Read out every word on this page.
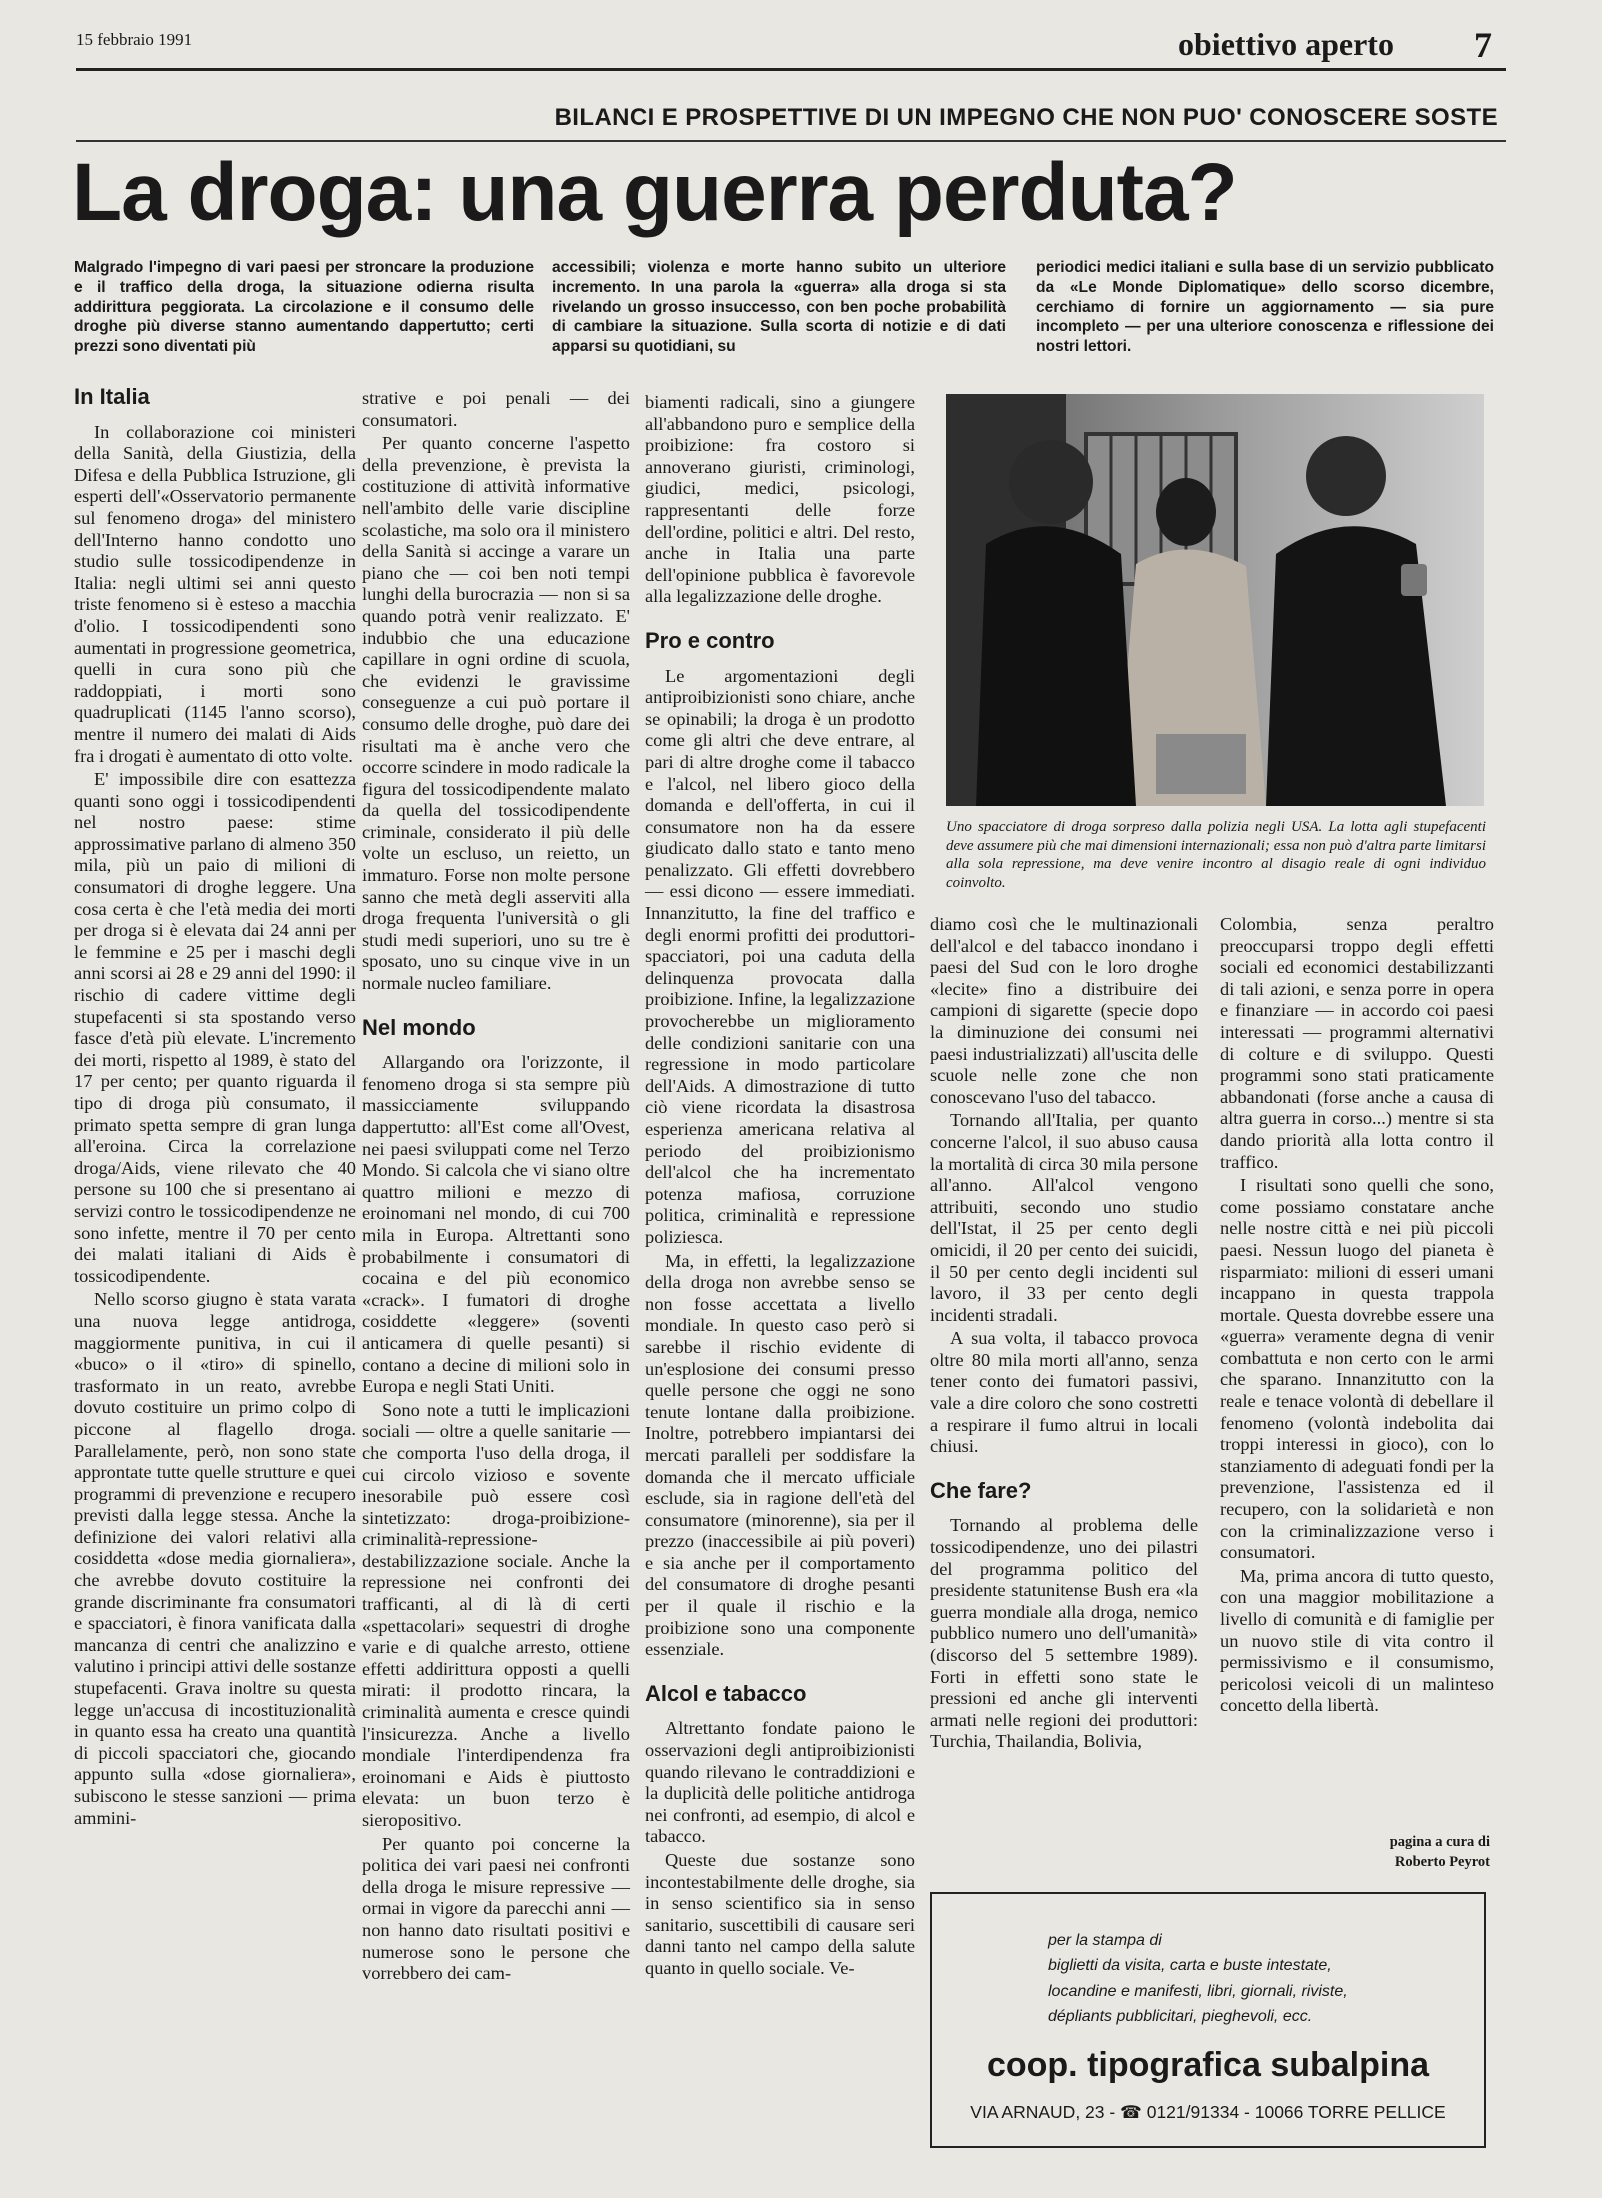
15 febbraio 1991	obiettivo aperto 7
BILANCI E PROSPETTIVE DI UN IMPEGNO CHE NON PUO' CONOSCERE SOSTE
La droga: una guerra perduta?
Malgrado l'impegno di vari paesi per stroncare la produzione e il traffico della droga, la situazione odierna risulta addirittura peggiorata. La circolazione e il consumo delle droghe più diverse stanno aumentando dappertutto; certi prezzi sono diventati più
accessibili; violenza e morte hanno subito un ulteriore incremento. In una parola la «guerra» alla droga si sta rivelando un grosso insuccesso, con ben poche probabilità di cambiare la situazione. Sulla scorta di notizie e di dati apparsi su quotidiani, su
periodici medici italiani e sulla base di un servizio pubblicato da «Le Monde Diplomatique» dello scorso dicembre, cerchiamo di fornire un aggiornamento — sia pure incompleto — per una ulteriore conoscenza e riflessione dei nostri lettori.
In Italia

In collaborazione coi ministeri della Sanità, della Giustizia, della Difesa e della Pubblica Istruzione, gli esperti dell'«Osservatorio permanente sul fenomeno droga» del ministero dell'Interno hanno condotto uno studio sulle tossicodipendenze in Italia: negli ultimi sei anni questo triste fenomeno si è esteso a macchia d'olio. I tossicodipendenti sono aumentati in progressione geometrica, quelli in cura sono più che raddoppiati, i morti sono quadruplicati (1145 l'anno scorso), mentre il numero dei malati di Aids fra i drogati è aumentato di otto volte.

E' impossibile dire con esattezza quanti sono oggi i tossicodipendenti nel nostro paese: stime approssimative parlano di almeno 350 mila, più un paio di milioni di consumatori di droghe leggere. Una cosa certa è che l'età media dei morti per droga si è elevata dai 24 anni per le femmine e 25 per i maschi degli anni scorsi ai 28 e 29 anni del 1990: il rischio di cadere vittime degli stupefacenti si sta spostando verso fasce d'età più elevate. L'incremento dei morti, rispetto al 1989, è stato del 17 per cento; per quanto riguarda il tipo di droga più consumato, il primato spetta sempre di gran lunga all'eroina. Circa la correlazione droga/Aids, viene rilevato che 40 persone su 100 che si presentano ai servizi contro le tossicodipendenze ne sono infette, mentre il 70 per cento dei malati italiani di Aids è tossicodipendente.

Nello scorso giugno è stata varata una nuova legge antidroga, maggiormente punitiva, in cui il «buco» o il «tiro» di spinello, trasformato in un reato, avrebbe dovuto costituire un primo colpo di piccone al flagello droga. Parallelamente, però, non sono state approntate tutte quelle strutture e quei programmi di prevenzione e recupero previsti dalla legge stessa. Anche la definizione dei valori relativi alla cosiddetta «dose media giornaliera», che avrebbe dovuto costituire la grande discriminante fra consumatori e spacciatori, è finora vanificata dalla mancanza di centri che analizzino e valutino i principi attivi delle sostanze stupefacenti. Grava inoltre su questa legge un'accusa di incostituzionalità in quanto essa ha creato una quantità di piccoli spacciatori che, giocando appunto sulla «dose giornaliera», subiscono le stesse sanzioni — prima ammini-

strative e poi penali — dei consumatori.

Per quanto concerne l'aspetto della prevenzione, è prevista la costituzione di attività informative nell'ambito delle varie discipline scolastiche, ma solo ora il ministero della Sanità si accinge a varare un piano che — coi ben noti tempi lunghi della burocrazia — non si sa quando potrà venir realizzato. E' indubbio che una educazione capillare in ogni ordine di scuola, che evidenzi le gravissime conseguenze a cui può portare il consumo delle droghe, può dare dei risultati ma è anche vero che occorre scindere in modo radicale la figura del tossicodipendente malato da quella del tossicodipendente criminale, considerato il più delle volte un escluso, un reietto, un immaturo. Forse non molte persone sanno che metà degli asserviti alla droga frequenta l'università o gli studi medi superiori, uno su tre è sposato, uno su cinque vive in un normale nucleo familiare.

Nel mondo

Allargando ora l'orizzonte, il fenomeno droga si sta sempre più massicciamente sviluppando dappertutto: all'Est come all'Ovest, nei paesi sviluppati come nel Terzo Mondo. Si calcola che vi siano oltre quattro milioni e mezzo di eroinomani nel mondo, di cui 700 mila in Europa. Altrettanti sono probabilmente i consumatori di cocaina e del più economico «crack». I fumatori di droghe cosiddette «leggere» (soventi anticamera di quelle pesanti) si contano a decine di milioni solo in Europa e negli Stati Uniti.

Sono note a tutti le implicazioni sociali — oltre a quelle sanitarie — che comporta l'uso della droga, il cui circolo vizioso e sovente inesorabile può essere così sintetizzato: droga-proibizione-criminalità-repressione-destabilizzazione sociale. Anche la repressione nei confronti dei trafficanti, al di là di certi «spettacolari» sequestri di droghe varie e di qualche arresto, ottiene effetti addirittura opposti a quelli mirati: il prodotto rincara, la criminalità aumenta e cresce quindi l'insicurezza. Anche a livello mondiale l'interdipendenza fra eroinomani e Aids è piuttosto elevata: un buon terzo è sieropositivo.

Per quanto poi concerne la politica dei vari paesi nei confronti della droga le misure repressive — ormai in vigore da parecchi anni — non hanno dato risultati positivi e numerose sono le persone che vorrebbero dei cam-

biamenti radicali, sino a giungere all'abbandono puro e semplice della proibizione: fra costoro si annoverano giuristi, criminologi, giudici, medici, psicologi, rappresentanti delle forze dell'ordine, politici e altri. Del resto, anche in Italia una parte dell'opinione pubblica è favorevole alla legalizzazione delle droghe.

Pro e contro

Le argomentazioni degli antiproibizionisti sono chiare, anche se opinabili; la droga è un prodotto come gli altri che deve entrare, al pari di altre droghe come il tabacco e l'alcol, nel libero gioco della domanda e dell'offerta, in cui il consumatore non ha da essere giudicato dallo stato e tanto meno penalizzato. Gli effetti dovrebbero — essi dicono — essere immediati. Innanzitutto, la fine del traffico e degli enormi profitti dei produttori-spacciatori, poi una caduta della delinquenza provocata dalla proibizione. Infine, la legalizzazione provocherebbe un miglioramento delle condizioni sanitarie con una regressione in modo particolare dell'Aids. A dimostrazione di tutto ciò viene ricordata la disastrosa esperienza americana relativa al periodo del proibizionismo dell'alcol che ha incrementato potenza mafiosa, corruzione politica, criminalità e repressione poliziesca.

Ma, in effetti, la legalizzazione della droga non avrebbe senso se non fosse accettata a livello mondiale. In questo caso però si sarebbe il rischio evidente di un'esplosione dei consumi presso quelle persone che oggi ne sono tenute lontane dalla proibizione. Inoltre, potrebbero impiantarsi dei mercati paralleli per soddisfare la domanda che il mercato ufficiale esclude, sia in ragione dell'età del consumatore (minorenne), sia per il prezzo (inaccessibile ai più poveri) e sia anche per il comportamento del consumatore di droghe pesanti per il quale il rischio e la proibizione sono una componente essenziale.

Alcol e tabacco

Altrettanto fondate paiono le osservazioni degli antiproibizionisti quando rilevano le contraddizioni e la duplicità delle politiche antidroga nei confronti, ad esempio, di alcol e tabacco.

Queste due sostanze sono incontestabilmente delle droghe, sia in senso scientifico sia in senso sanitario, suscettibili di causare seri danni tanto nel campo della salute quanto in quello sociale. Ve-

Uno spacciatore di droga sorpreso dalla polizia negli USA. La lotta agli stupefacenti deve assumere più che mai dimensioni internazionali; essa non può d'altra parte limitarsi alla sola repressione, ma deve venire incontro al disagio reale di ogni individuo coinvolto.

diamo così che le multinazionali dell'alcol e del tabacco inondano i paesi del Sud con le loro droghe «lecite» fino a distribuire dei campioni di sigarette (specie dopo la diminuzione dei consumi nei paesi industrializzati) all'uscita delle scuole nelle zone che non conoscevano l'uso del tabacco.

Tornando all'Italia, per quanto concerne l'alcol, il suo abuso causa la mortalità di circa 30 mila persone all'anno. All'alcol vengono attribuiti, secondo uno studio dell'Istat, il 25 per cento degli omicidi, il 20 per cento dei suicidi, il 50 per cento degli incidenti sul lavoro, il 33 per cento degli incidenti stradali.

A sua volta, il tabacco provoca oltre 80 mila morti all'anno, senza tener conto dei fumatori passivi, vale a dire coloro che sono costretti a respirare il fumo altrui in locali chiusi.

Che fare?

Tornando al problema delle tossicodipendenze, uno dei pilastri del programma politico del presidente statunitense Bush era «la guerra mondiale alla droga, nemico pubblico numero uno dell'umanità» (discorso del 5 settembre 1989). Forti in effetti sono state le pressioni ed anche gli interventi armati nelle regioni dei produttori: Turchia, Thailandia, Bolivia,

Colombia, senza peraltro preoccuparsi troppo degli effetti sociali ed economici destabilizzanti di tali azioni, e senza porre in opera e finanziare — in accordo coi paesi interessati — programmi alternativi di colture e di sviluppo. Questi programmi sono stati praticamente abbandonati (forse anche a causa di altra guerra in corso...) mentre si sta dando priorità alla lotta contro il traffico.

I risultati sono quelli che sono, come possiamo constatare anche nelle nostre città e nei più piccoli paesi. Nessun luogo del pianeta è risparmiato: milioni di esseri umani incappano in questa trappola mortale. Questa dovrebbe essere una «guerra» veramente degna di venir combattuta e non certo con le armi che sparano. Innanzitutto con la reale e tenace volontà di debellare il fenomeno (volontà indebolita dai troppi interessi in gioco), con lo stanziamento di adeguati fondi per la prevenzione, l'assistenza ed il recupero, con la solidarietà e non con la criminalizzazione verso i consumatori.

Ma, prima ancora di tutto questo, con una maggior mobilitazione a livello di comunità e di famiglie per un nuovo stile di vita contro il permissivismo e il consumismo, pericolosi veicoli di un malinteso concetto della libertà.

pagina a cura di
Roberto Peyrot
per la stampa di
biglietti da visita, carta e buste intestate,
locandine e manifesti, libri, giornali, riviste,
dépliants pubblicitari, pieghevoli, ecc.
coop. tipografica subalpina
VIA ARNAUD, 23 - ☎ 0121/91334 - 10066 TORRE PELLICE
